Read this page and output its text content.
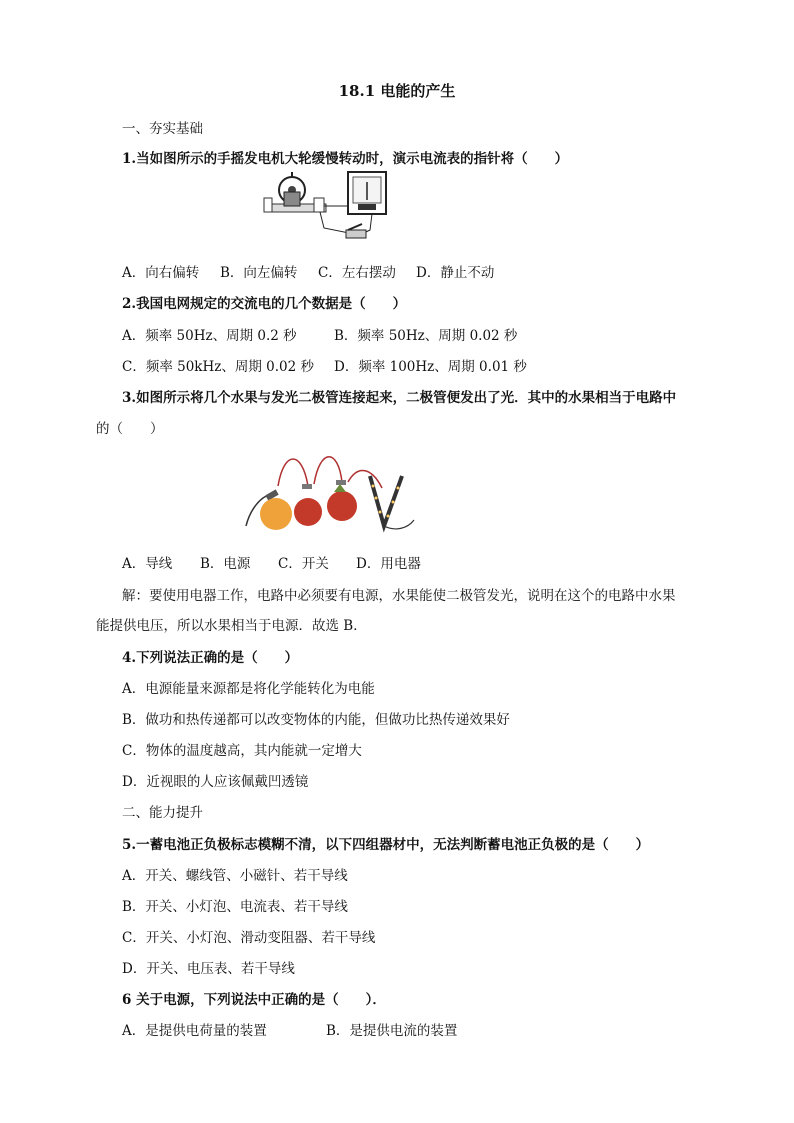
18.1 电能的产生
一、夯实基础
1.当如图所示的手摇发电机大轮缓慢转动时，演示电流表的指针将（　　）
A．向右偏转 B．向左偏转 C．左右摆动 D．静止不动
2.我国电网规定的交流电的几个数据是（　　）
A．频率 50Hz、周期 0.2 秒	B．频率 50Hz、周期 0.02 秒
C．频率 50kHz、周期 0.02 秒 D．频率 100Hz、周期 0.01 秒
3.如图所示将几个水果与发光二极管连接起来，二极管便发出了光．其中的水果相当于电路中
的（　　）
A．导线 B．电源 C．开关 D．用电器
解：要使用电器工作，电路中必须要有电源，水果能使二极管发光，说明在这个的电路中水果
能提供电压，所以水果相当于电源．故选 B．
4.下列说法正确的是（　　）
A．电源能量来源都是将化学能转化为电能
B．做功和热传递都可以改变物体的内能，但做功比热传递效果好
C．物体的温度越高，其内能就一定增大
D．近视眼的人应该佩戴凹透镜
二、能力提升
5.一蓄电池正负极标志模糊不清，以下四组器材中，无法判断蓄电池正负极的是（　　）
A．开关、螺线管、小磁针、若干导线
B．开关、小灯泡、电流表、若干导线
C．开关、小灯泡、滑动变阻器、若干导线
D．开关、电压表、若干导线
6 关于电源，下列说法中正确的是（　　）．
A．是提供电荷量的装置	B．是提供电流的装置
